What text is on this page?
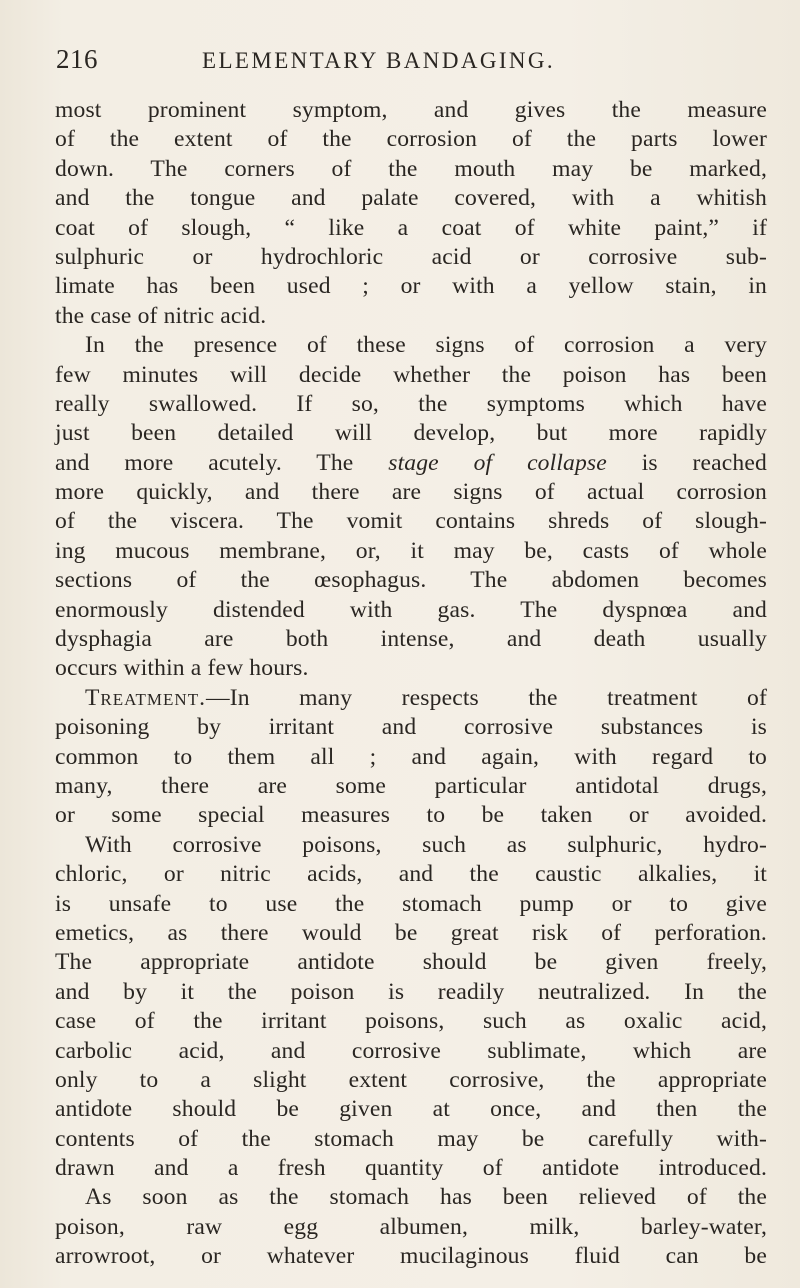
216	ELEMENTARY BANDAGING.
most prominent symptom, and gives the measure
of the extent of the corrosion of the parts lower
down. The corners of the mouth may be marked,
and the tongue and palate covered, with a whitish
coat of slough, “ like a coat of white paint,” if
sulphuric or hydrochloric acid or corrosive sub-
limate has been used ; or with a yellow stain, in
the case of nitric acid.
In the presence of these signs of corrosion a very
few minutes will decide whether the poison has been
really swallowed. If so, the symptoms which have
just been detailed will develop, but more rapidly
and more acutely. The stage of collapse is reached
more quickly, and there are signs of actual corrosion
of the viscera. The vomit contains shreds of slough-
ing mucous membrane, or, it may be, casts of whole
sections of the œsophagus. The abdomen becomes
enormously distended with gas. The dyspnœa and
dysphagia are both intense, and death usually
occurs within a few hours.
Treatment.—In many respects the treatment of
poisoning by irritant and corrosive substances is
common to them all ; and again, with regard to
many, there are some particular antidotal drugs,
or some special measures to be taken or avoided.
With corrosive poisons, such as sulphuric, hydro-
chloric, or nitric acids, and the caustic alkalies, it
is unsafe to use the stomach pump or to give
emetics, as there would be great risk of perforation.
The appropriate antidote should be given freely,
and by it the poison is readily neutralized. In the
case of the irritant poisons, such as oxalic acid,
carbolic acid, and corrosive sublimate, which are
only to a slight extent corrosive, the appropriate
antidote should be given at once, and then the
contents of the stomach may be carefully with-
drawn and a fresh quantity of antidote introduced.
As soon as the stomach has been relieved of the
poison, raw egg albumen, milk, barley-water,
arrowroot, or whatever mucilaginous fluid can be
